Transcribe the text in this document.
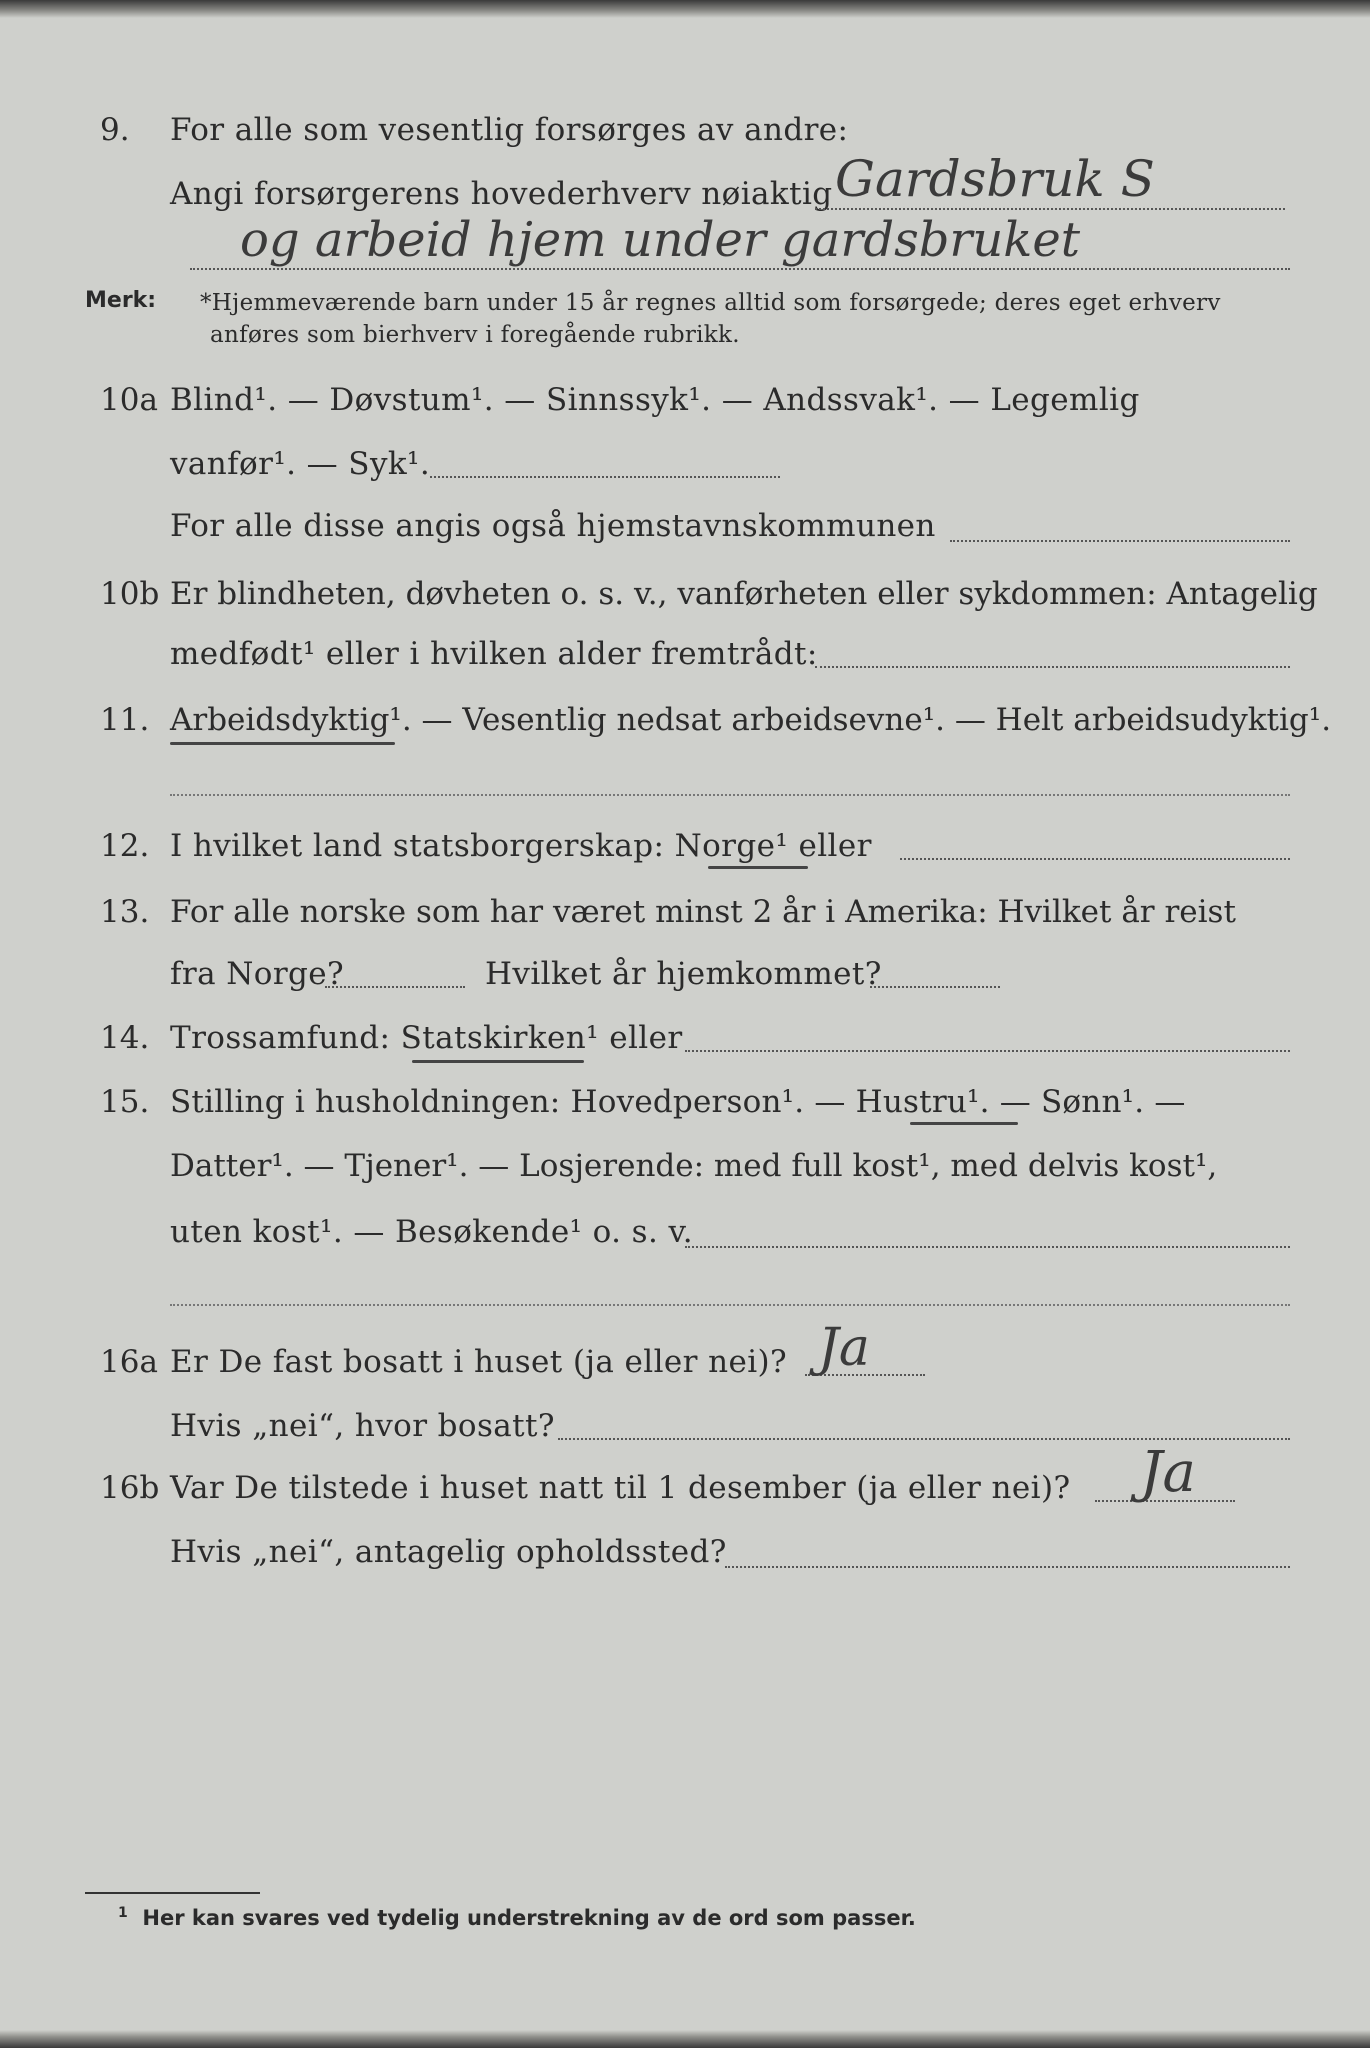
9. For alle som vesentlig forsørges av andre:
Angi forsørgerens hovederhverv nøiaktig Gardsbruk S
og arbeid hjem under gardsbruket
Merk: *Hjemmeværende barn under 15 år regnes alltid som forsørgede; deres eget erhverv
anføres som bierhverv i foregående rubrikk.
10a Blind¹. — Døvstum¹. — Sinnssyk¹. — Andssvak¹. — Legemlig
vanfør¹. — Syk¹.
For alle disse angis også hjemstavnskommunen
10b Er blindheten, døvheten o. s. v., vanførheten eller sykdommen: Antagelig
medfødt¹ eller i hvilken alder fremtrådt:
11. Arbeidsdyktig¹. — Vesentlig nedsat arbeidsevne¹. — Helt arbeidsudyktig¹.
12. I hvilket land statsborgerskap: Norge¹ eller
13. For alle norske som har været minst 2 år i Amerika: Hvilket år reist
fra Norge?	Hvilket år hjemkommet?
14. Trossamfund: Statskirken¹ eller
15. Stilling i husholdningen: Hovedperson¹. — Hustru¹. — Sønn¹. —
Datter¹. — Tjener¹. — Losjerende: med full kost¹, med delvis kost¹,
uten kost¹. — Besøkende¹ o. s. v.
16a Er De fast bosatt i huset (ja eller nei)? Ja
Hvis „nei“, hvor bosatt?
16b Var De tilstede i huset natt til 1 desember (ja eller nei)? Ja
Hvis „nei“, antagelig opholdssted?
$^1$ Her kan svares ved tydelig understrekning av de ord som passer.
